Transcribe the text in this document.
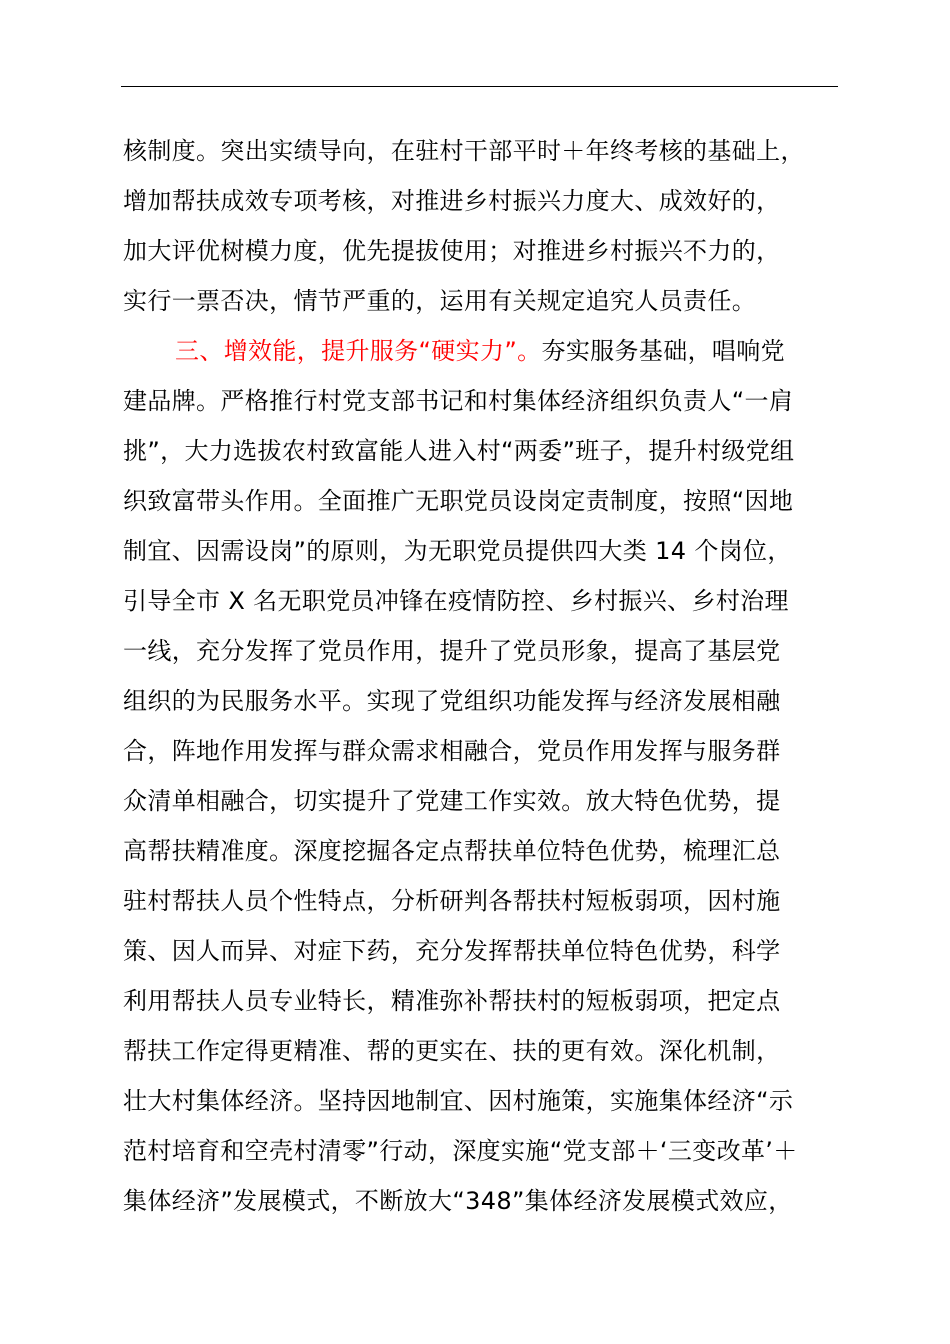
核制度。突出实绩导向，在驻村干部平时＋年终考核的基础上，
增加帮扶成效专项考核，对推进乡村振兴力度大、成效好的，
加大评优树模力度，优先提拔使用；对推进乡村振兴不力的，
实行一票否决，情节严重的，运用有关规定追究人员责任。
三、增效能，提升服务“硬实力”。夯实服务基础，唱响党
建品牌。严格推行村党支部书记和村集体经济组织负责人“一肩
挑”，大力选拔农村致富能人进入村“两委”班子，提升村级党组
织致富带头作用。全面推广无职党员设岗定责制度，按照“因地
制宜、因需设岗”的原则，为无职党员提供四大类 14 个岗位，
引导全市 X 名无职党员冲锋在疫情防控、乡村振兴、乡村治理
一线，充分发挥了党员作用，提升了党员形象，提高了基层党
组织的为民服务水平。实现了党组织功能发挥与经济发展相融
合，阵地作用发挥与群众需求相融合，党员作用发挥与服务群
众清单相融合，切实提升了党建工作实效。放大特色优势，提
高帮扶精准度。深度挖掘各定点帮扶单位特色优势，梳理汇总
驻村帮扶人员个性特点，分析研判各帮扶村短板弱项，因村施
策、因人而异、对症下药，充分发挥帮扶单位特色优势，科学
利用帮扶人员专业特长，精准弥补帮扶村的短板弱项，把定点
帮扶工作定得更精准、帮的更实在、扶的更有效。深化机制，
壮大村集体经济。坚持因地制宜、因村施策，实施集体经济“示
范村培育和空壳村清零”行动，深度实施“党支部＋‘三变改革’＋
集体经济”发展模式，不断放大“348”集体经济发展模式效应，
